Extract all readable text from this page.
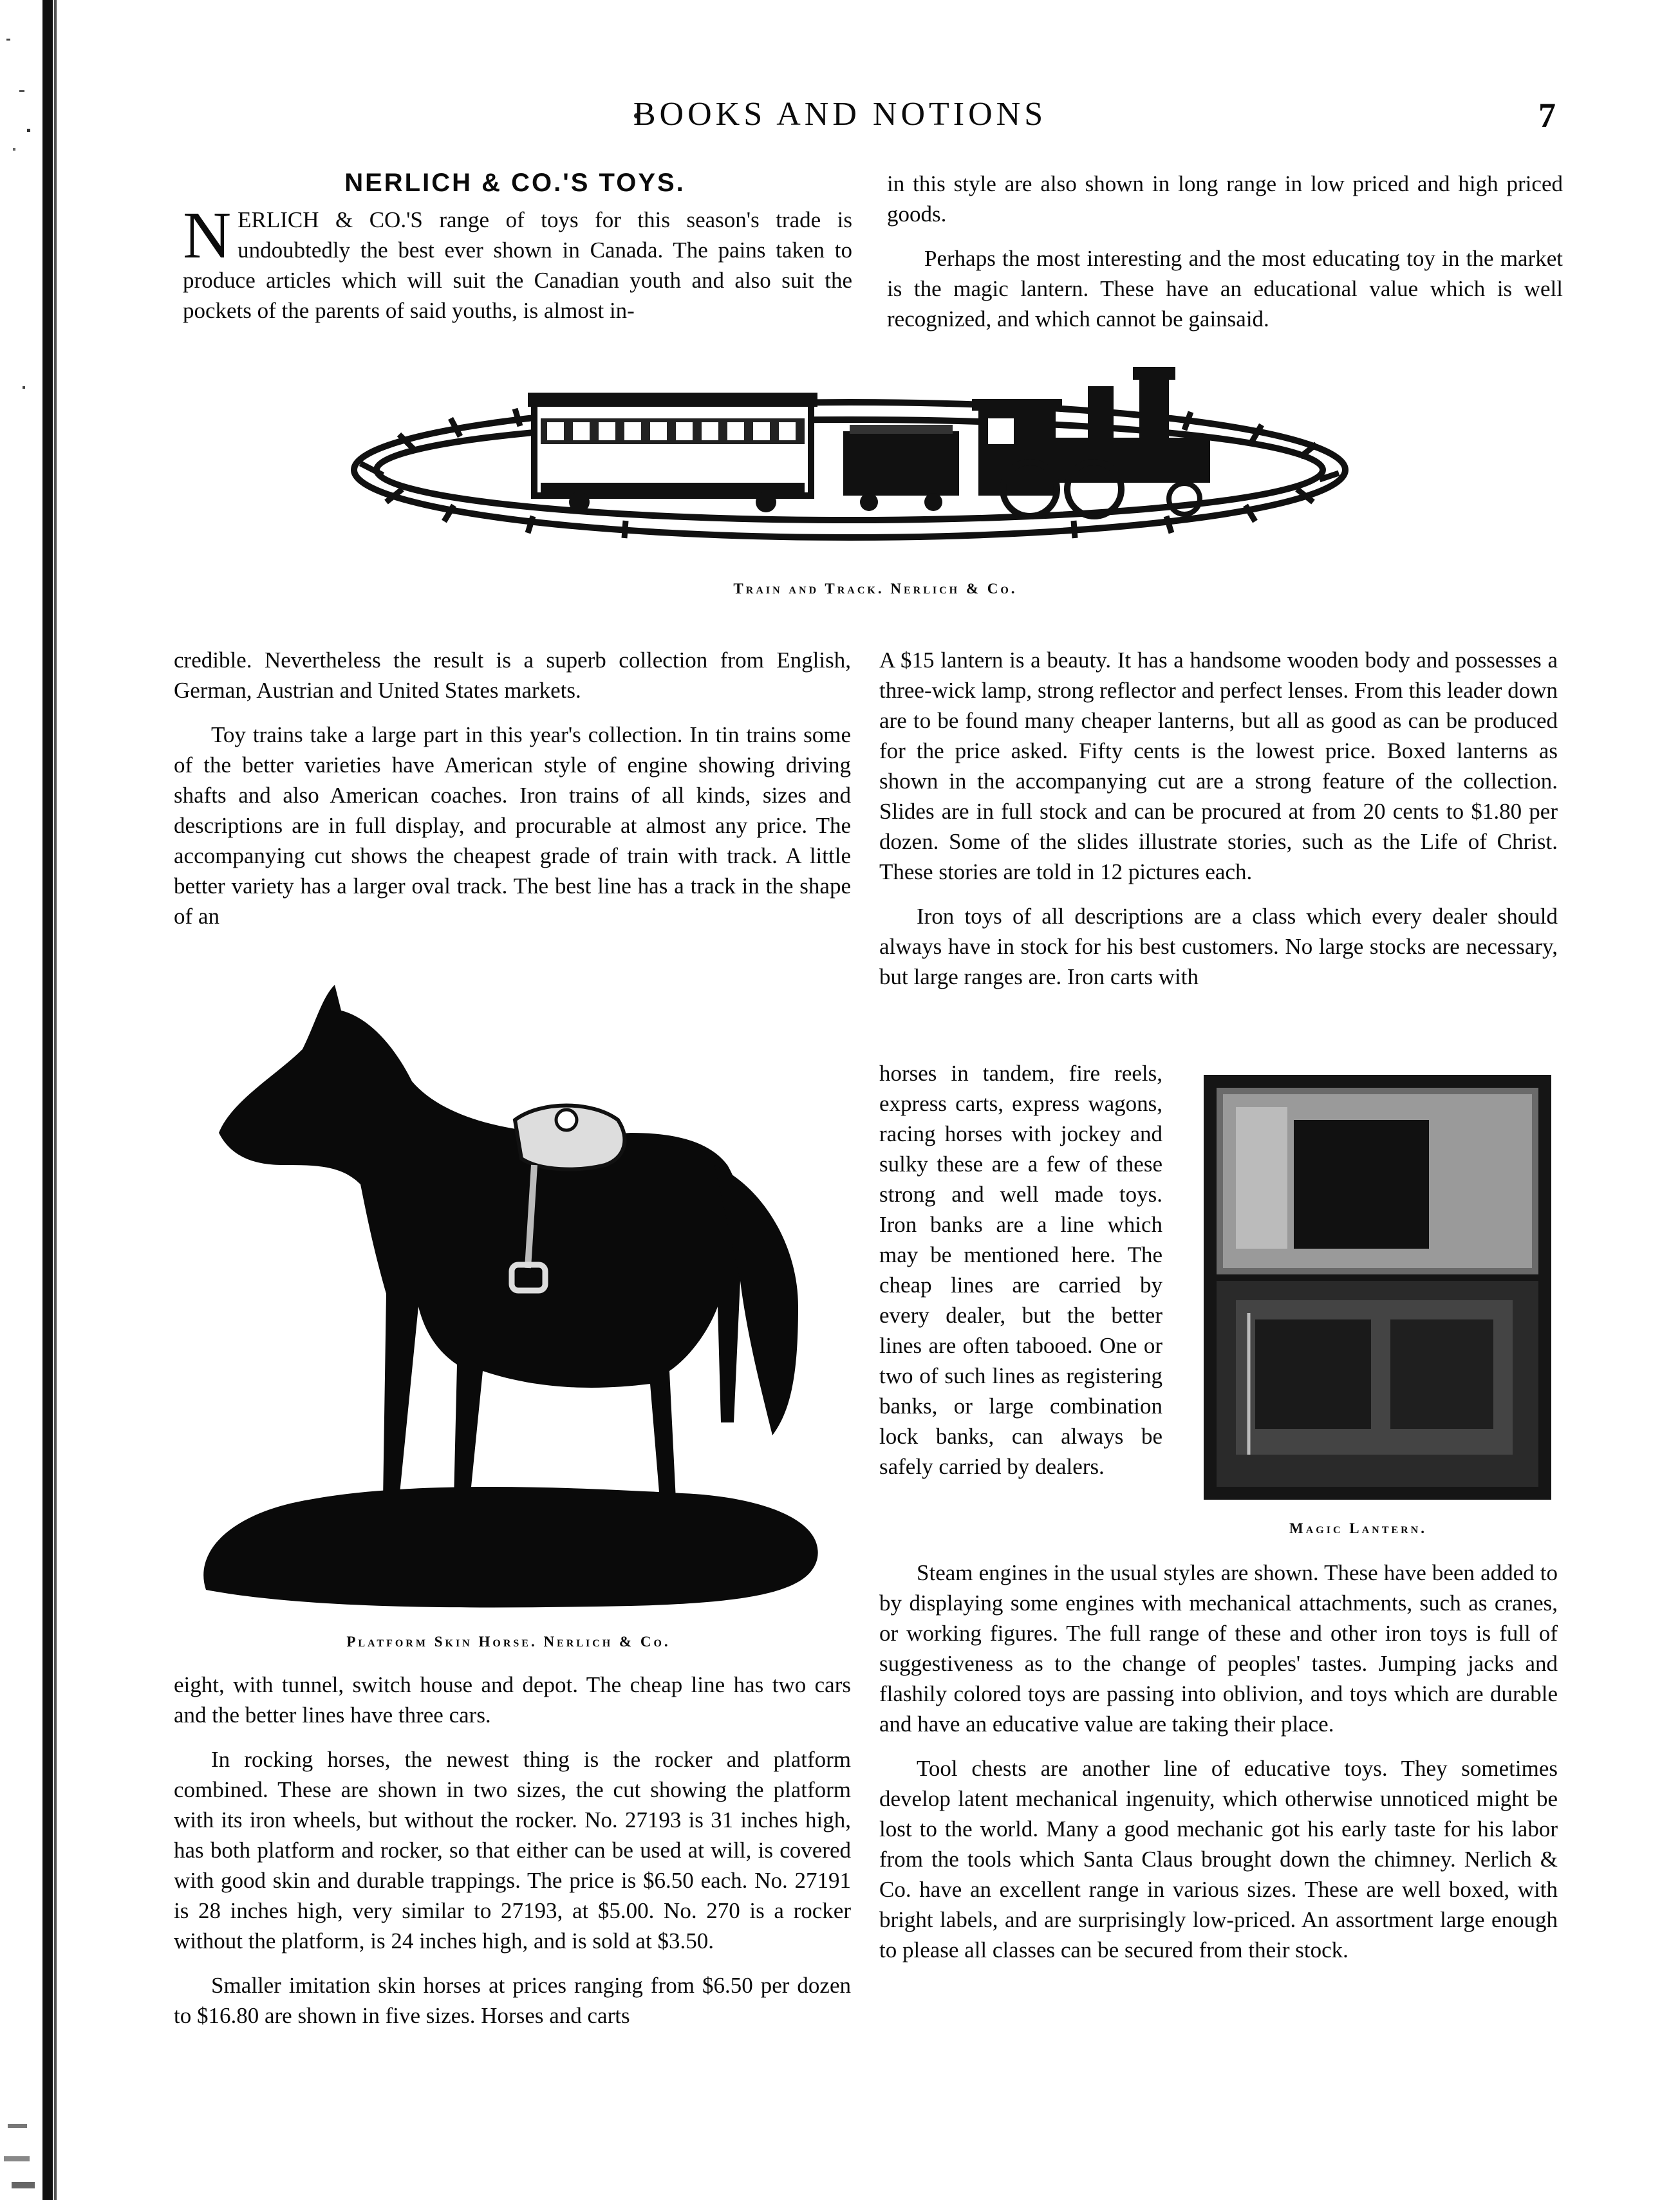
BOOKS AND NOTIONS	7
NERLICH & CO.'S TOYS.

NERLICH & CO.'S range of toys for this season's trade is undoubtedly the best ever shown in Canada. The pains taken to produce articles which will suit the Canadian youth and also suit the pockets of the parents of said youths, is almost in-

in this style are also shown in long range in low priced and high priced goods.

Perhaps the most interesting and the most educating toy in the market is the magic lantern. These have an educational value which is well recognized, and which cannot be gainsaid.

Train and Track. Nerlich & Co.

credible. Nevertheless the result is a superb collection from English, German, Austrian and United States markets.

Toy trains take a large part in this year's collection. In tin trains some of the better varieties have American style of engine showing driving shafts and also American coaches. Iron trains of all kinds, sizes and descriptions are in full display, and procurable at almost any price. The accompanying cut shows the cheapest grade of train with track. A little better variety has a larger oval track. The best line has a track in the shape of an

Platform Skin Horse. Nerlich & Co.

eight, with tunnel, switch house and depot. The cheap line has two cars and the better lines have three cars.

In rocking horses, the newest thing is the rocker and platform combined. These are shown in two sizes, the cut showing the platform with its iron wheels, but without the rocker. No. 27193 is 31 inches high, has both platform and rocker, so that either can be used at will, is covered with good skin and durable trappings. The price is $6.50 each. No. 27191 is 28 inches high, very similar to 27193, at $5.00. No. 270 is a rocker without the platform, is 24 inches high, and is sold at $3.50.

Smaller imitation skin horses at prices ranging from $6.50 per dozen to $16.80 are shown in five sizes. Horses and carts

A $15 lantern is a beauty. It has a handsome wooden body and possesses a three-wick lamp, strong reflector and perfect lenses. From this leader down are to be found many cheaper lanterns, but all as good as can be produced for the price asked. Fifty cents is the lowest price. Boxed lanterns as shown in the accompanying cut are a strong feature of the collection. Slides are in full stock and can be procured at from 20 cents to $1.80 per dozen. Some of the slides illustrate stories, such as the Life of Christ. These stories are told in 12 pictures each.

Iron toys of all descriptions are a class which every dealer should always have in stock for his best customers. No large stocks are necessary, but large ranges are. Iron carts with

horses in tandem, fire reels, express carts, express wagons, racing horses with jockey and sulky these are a few of these strong and well made toys. Iron banks are a line which may be mentioned here. The cheap lines are carried by every dealer, but the better lines are often tabooed. One or two of such lines as registering banks, or large combination lock banks, can always be safely carried by dealers.

Magic Lantern.

Steam engines in the usual styles are shown. These have been added to by displaying some engines with mechanical attachments, such as cranes, or working figures. The full range of these and other iron toys is full of suggestiveness as to the change of peoples' tastes. Jumping jacks and flashily colored toys are passing into oblivion, and toys which are durable and have an educative value are taking their place.

Tool chests are another line of educative toys. They sometimes develop latent mechanical ingenuity, which otherwise unnoticed might be lost to the world. Many a good mechanic got his early taste for his labor from the tools which Santa Claus brought down the chimney. Nerlich & Co. have an excellent range in various sizes. These are well boxed, with bright labels, and are surprisingly low-priced. An assortment large enough to please all classes can be secured from their stock.
